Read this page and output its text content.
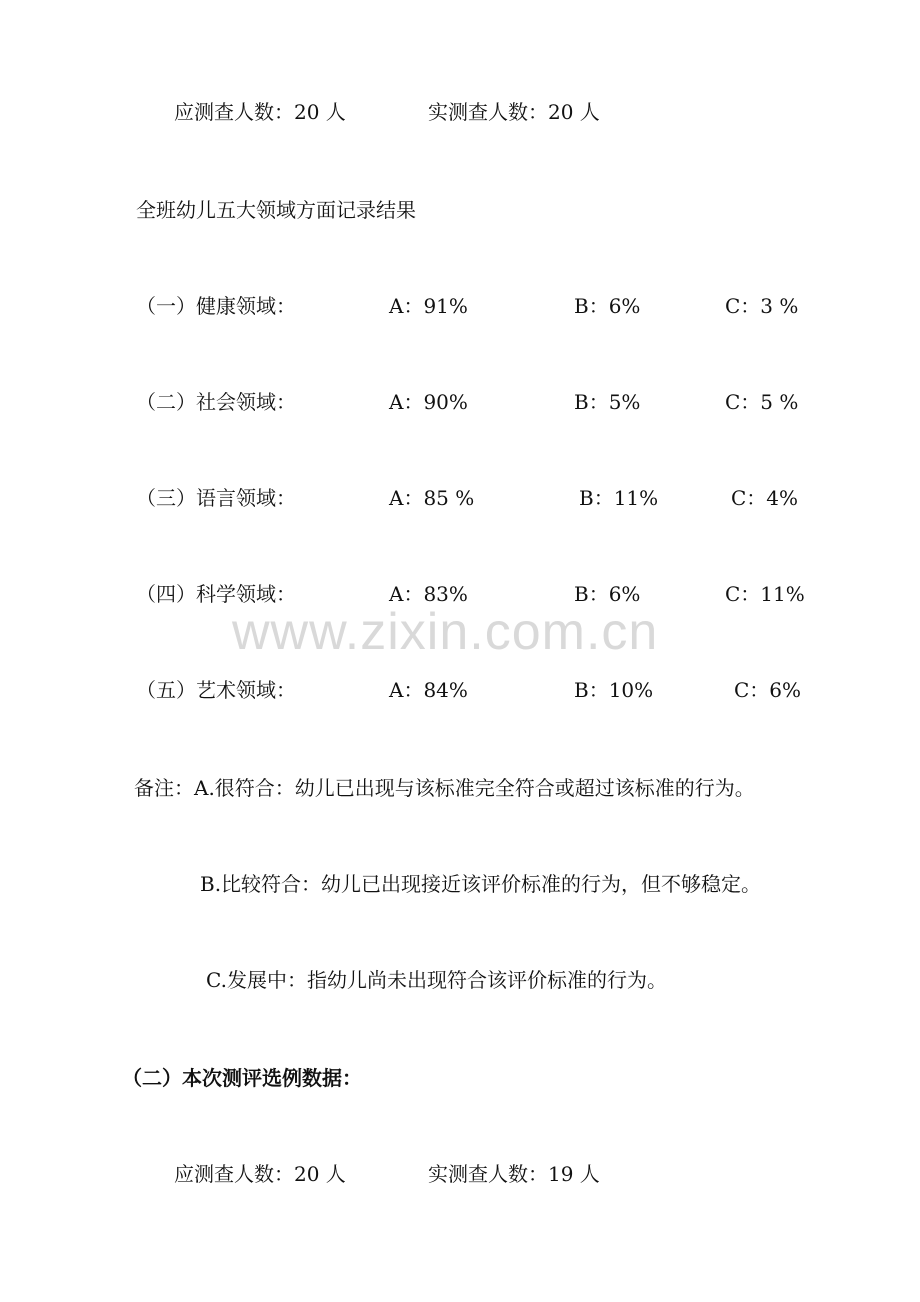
应测查人数：20 人	实测查人数：20 人
全班幼儿五大领域方面记录结果
（一）健康领域：	A：91%	B：6%	C：3 %
（二）社会领域：	A：90%	B：5%	C：5 %
（三）语言领域：	A：85 %	B：11%	C：4%
（四）科学领域：	A：83%	B：6%	C：11%
www.zixin.com.cn
（五）艺术领域：	A：84%	B：10%	C：6%
备注：A.很符合：幼儿已出现与该标准完全符合或超过该标准的行为。
B.比较符合：幼儿已出现接近该评价标准的行为，但不够稳定。
C.发展中：指幼儿尚未出现符合该评价标准的行为。
（二）本次测评选例数据：
应测查人数：20 人	实测查人数：19 人
